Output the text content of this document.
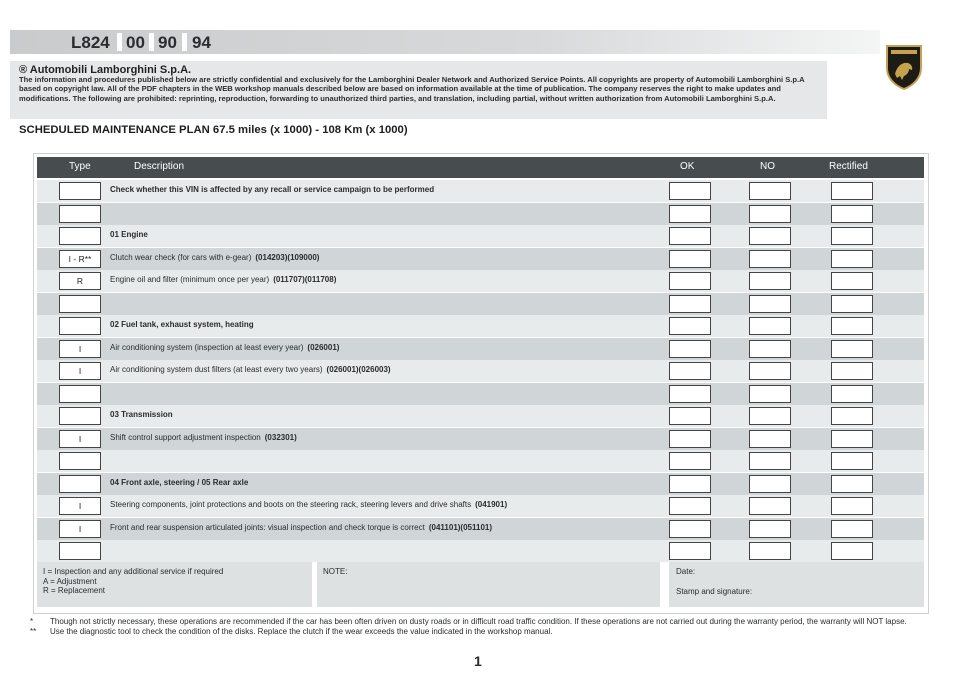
L824 00 90 94
® Automobili Lamborghini S.p.A.
The information and procedures published below are strictly confidential and exclusively for the Lamborghini Dealer Network and Authorized Service Points. All copyrights are property of Automobili Lamborghini S.p.A based on copyright law. All of the PDF chapters in the WEB workshop manuals described below are based on information available at the time of publication. The company reserves the right to make updates and modifications. The following are prohibited: reprinting, reproduction, forwarding to unauthorized third parties, and translation, including partial, without written authorization from Automobili Lamborghini S.p.A.
SCHEDULED MAINTENANCE PLAN 67.5 miles (x 1000) - 108 Km (x 1000)
Type	Description	OK	NO	Rectified
Check whether this VIN is affected by any recall or service campaign to be performed
01 Engine
I - R**	Clutch wear check (for cars with e-gear) (014203)(109000)
R	Engine oil and filter (minimum once per year) (011707)(011708)
02 Fuel tank, exhaust system, heating
I	Air conditioning system (inspection at least every year) (026001)
I	Air conditioning system dust filters (at least every two years) (026001)(026003)
03 Transmission
I	Shift control support adjustment inspection (032301)
04 Front axle, steering / 05 Rear axle
I	Steering components, joint protections and boots on the steering rack, steering levers and drive shafts (041901)
I	Front and rear suspension articulated joints: visual inspection and check torque is correct (041101)(051101)
I = Inspection and any additional service if required
A = Adjustment
R = Replacement
NOTE:	Date:
Stamp and signature:
* Though not strictly necessary, these operations are recommended if the car has been often driven on dusty roads or in difficult road traffic condition. If these operations are not carried out during the warranty period, the warranty will NOT lapse.
** Use the diagnostic tool to check the condition of the disks. Replace the clutch if the wear exceeds the value indicated in the workshop manual.
1
